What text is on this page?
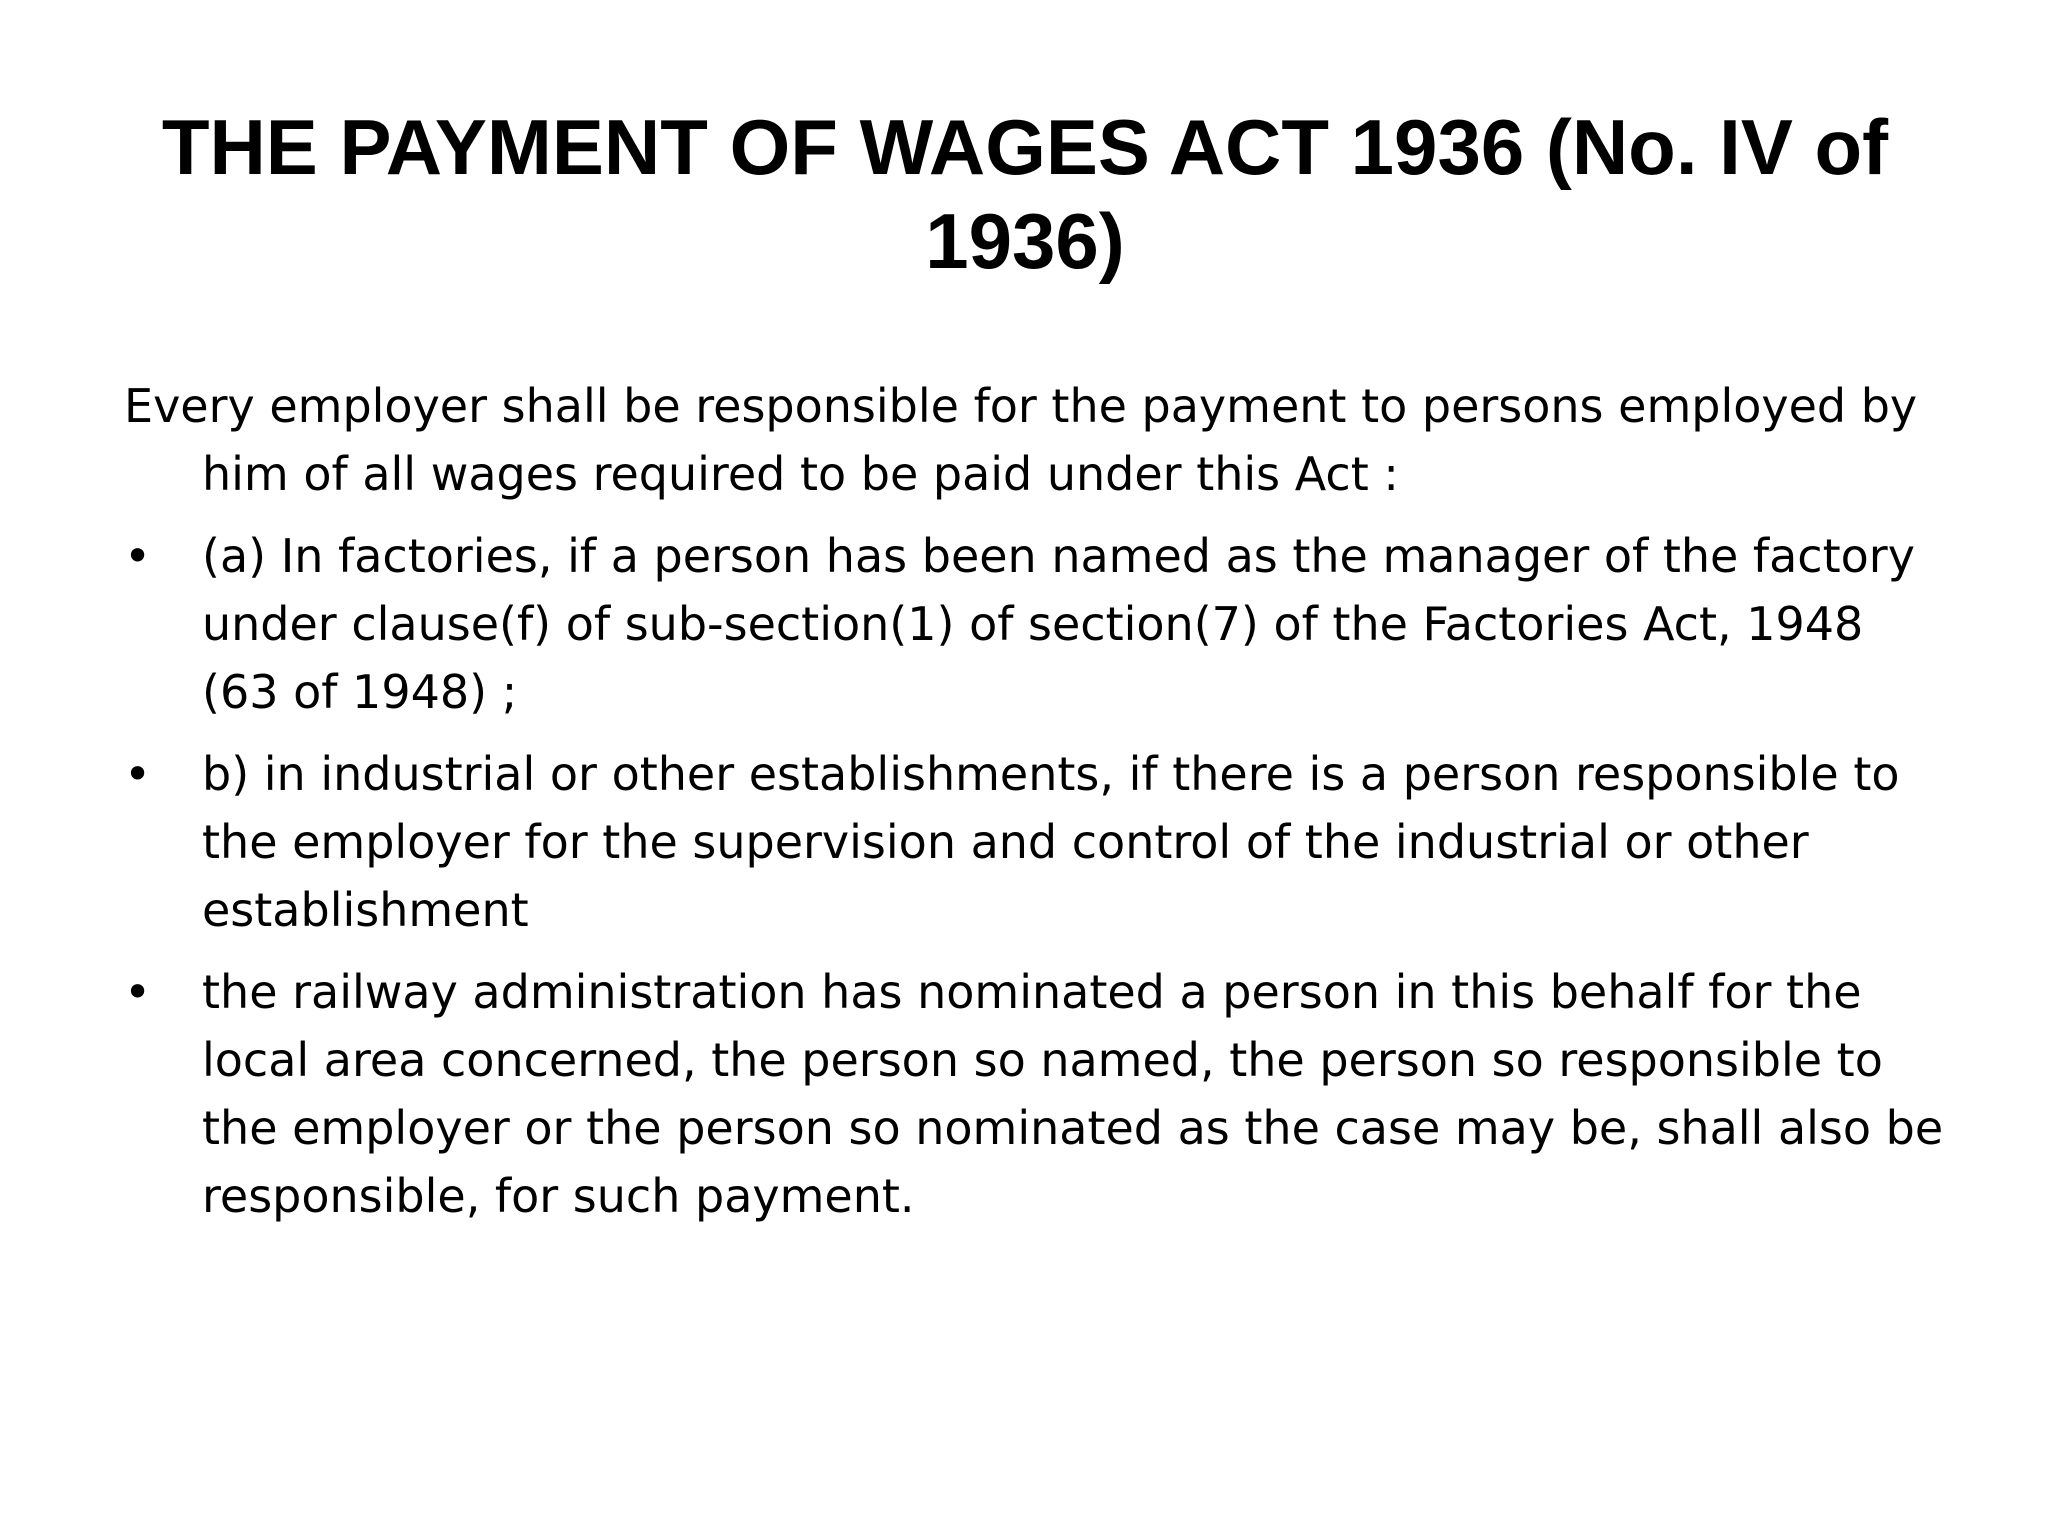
THE PAYMENT OF WAGES ACT 1936 (No. IV of 1936)

Every employer shall be responsible for the payment to persons employed by him of all wages required to be paid under this Act :

• (a) In factories, if a person has been named as the manager of the factory under clause(f) of sub-section(1) of section(7) of the Factories Act, 1948 (63 of 1948) ;
• b) in industrial or other establishments, if there is a person responsible to the employer for the supervision and control of the industrial or other establishment
• the railway administration has nominated a person in this behalf for the local area concerned, the person so named, the person so responsible to the employer or the person so nominated as the case may be, shall also be responsible, for such payment.
